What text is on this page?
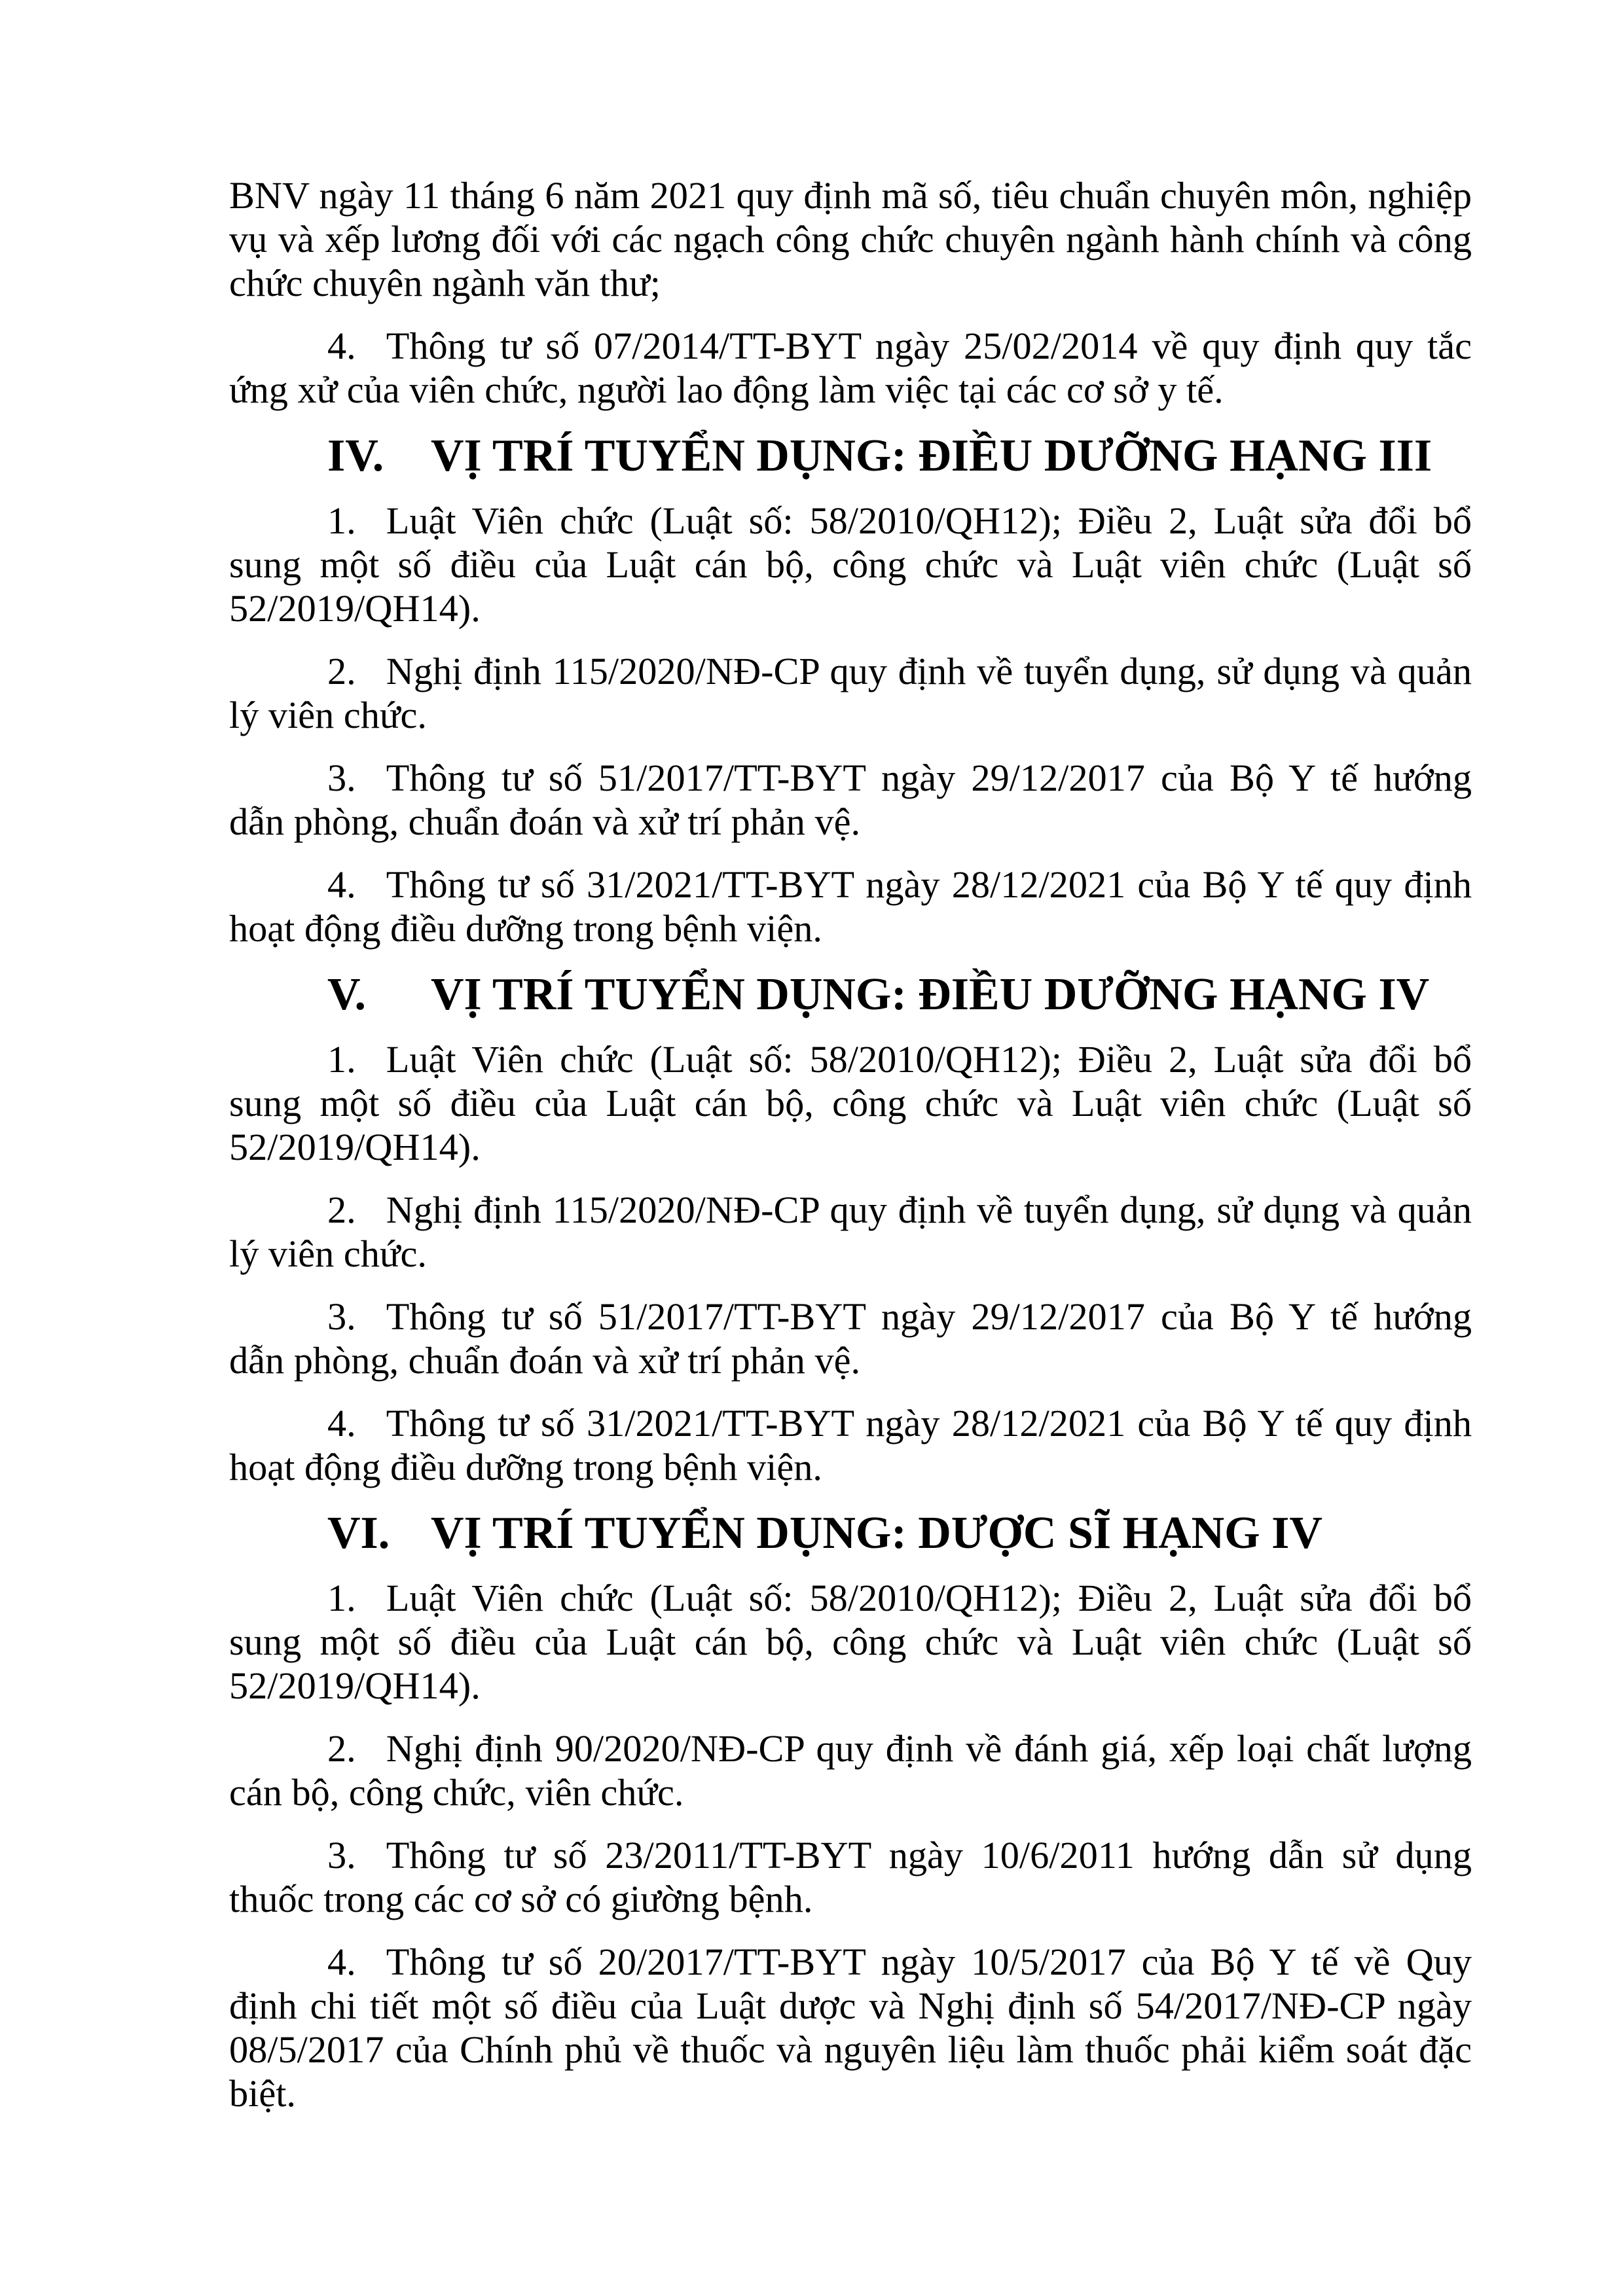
BNV ngày 11 tháng 6 năm 2021 quy định mã số, tiêu chuẩn chuyên môn, nghiệp vụ và xếp lương đối với các ngạch công chức chuyên ngành hành chính và công chức chuyên ngành văn thư;

4. Thông tư số 07/2014/TT-BYT ngày 25/02/2014 về quy định quy tắc ứng xử của viên chức, người lao động làm việc tại các cơ sở y tế.

IV. VỊ TRÍ TUYỂN DỤNG: ĐIỀU DƯỠNG HẠNG III

1. Luật Viên chức (Luật số: 58/2010/QH12); Điều 2, Luật sửa đổi bổ sung một số điều của Luật cán bộ, công chức và Luật viên chức (Luật số 52/2019/QH14).

2. Nghị định 115/2020/NĐ-CP quy định về tuyển dụng, sử dụng và quản lý viên chức.

3. Thông tư số 51/2017/TT-BYT ngày 29/12/2017 của Bộ Y tế hướng dẫn phòng, chuẩn đoán và xử trí phản vệ.

4. Thông tư số 31/2021/TT-BYT ngày 28/12/2021 của Bộ Y tế quy định hoạt động điều dưỡng trong bệnh viện.

V. VỊ TRÍ TUYỂN DỤNG: ĐIỀU DƯỠNG HẠNG IV

1. Luật Viên chức (Luật số: 58/2010/QH12); Điều 2, Luật sửa đổi bổ sung một số điều của Luật cán bộ, công chức và Luật viên chức (Luật số 52/2019/QH14).

2. Nghị định 115/2020/NĐ-CP quy định về tuyển dụng, sử dụng và quản lý viên chức.

3. Thông tư số 51/2017/TT-BYT ngày 29/12/2017 của Bộ Y tế hướng dẫn phòng, chuẩn đoán và xử trí phản vệ.

4. Thông tư số 31/2021/TT-BYT ngày 28/12/2021 của Bộ Y tế quy định hoạt động điều dưỡng trong bệnh viện.

VI. VỊ TRÍ TUYỂN DỤNG: DƯỢC SĨ HẠNG IV

1. Luật Viên chức (Luật số: 58/2010/QH12); Điều 2, Luật sửa đổi bổ sung một số điều của Luật cán bộ, công chức và Luật viên chức (Luật số 52/2019/QH14).

2. Nghị định 90/2020/NĐ-CP quy định về đánh giá, xếp loại chất lượng cán bộ, công chức, viên chức.

3. Thông tư số 23/2011/TT-BYT ngày 10/6/2011 hướng dẫn sử dụng thuốc trong các cơ sở có giường bệnh.

4. Thông tư số 20/2017/TT-BYT ngày 10/5/2017 của Bộ Y tế về Quy định chi tiết một số điều của Luật dược và Nghị định số 54/2017/NĐ-CP ngày 08/5/2017 của Chính phủ về thuốc và nguyên liệu làm thuốc phải kiểm soát đặc biệt.
